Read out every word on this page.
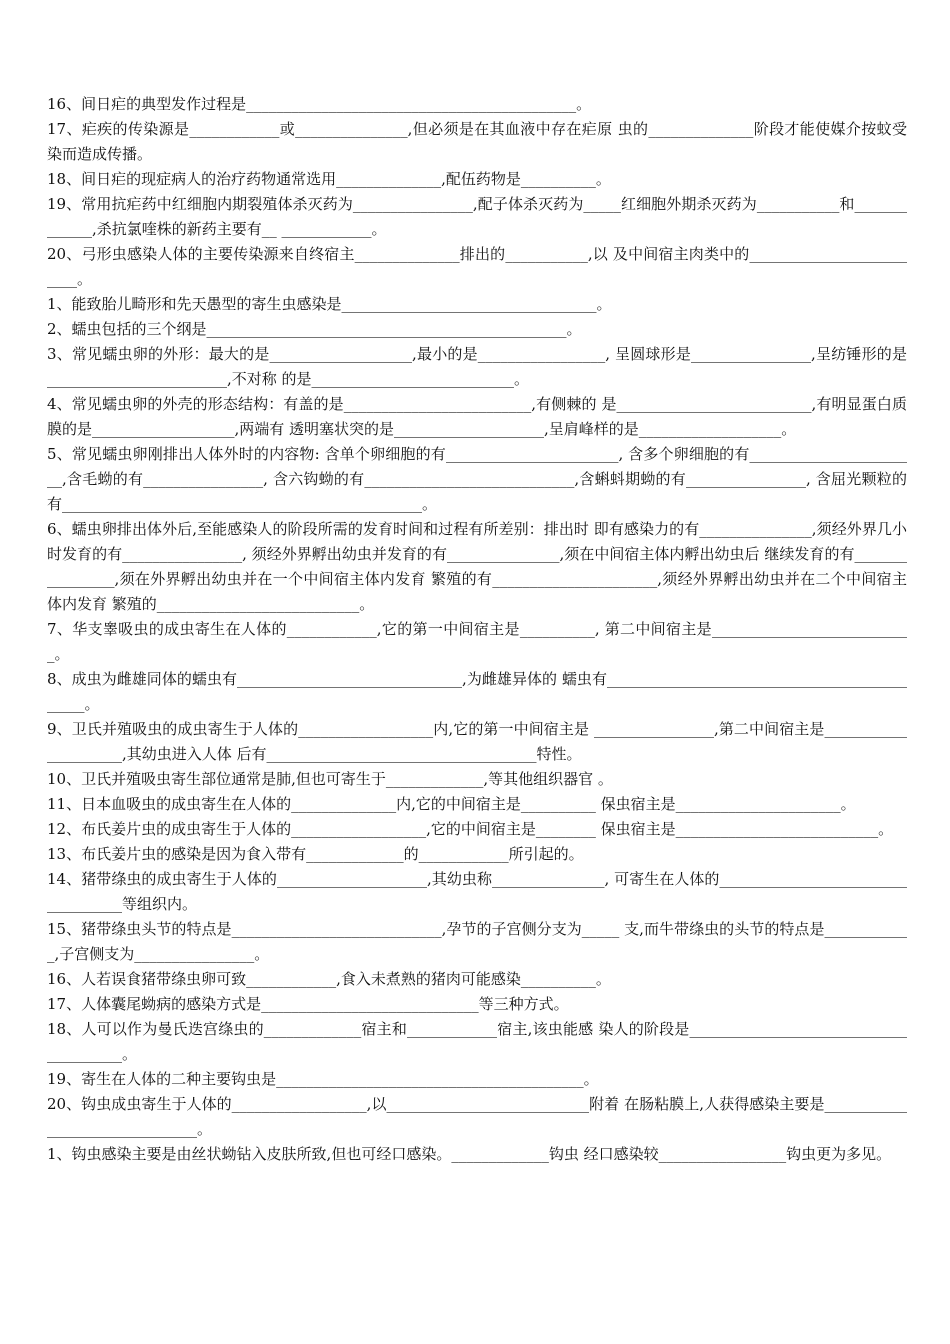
16、间日疟的典型发作过程是____________________________________________。

17、疟疾的传染源是____________或_______________,但必须是在其血液中存在疟原 虫的______________阶段才能使媒介按蚊受染而造成传播。

18、间日疟的现症病人的治疗药物通常选用______________,配伍药物是__________。

19、常用抗疟药中红细胞内期裂殖体杀灭药为________________,配子体杀灭药为_____红细胞外期杀灭药为___________和_____________,杀抗氯喹株的新药主要有__ ____________。

20、弓形虫感染人体的主要传染源来自终宿主______________排出的___________,以 及中间宿主肉类中的_________________________。

1、能致胎儿畸形和先天愚型的寄生虫感染是__________________________________。

2、蠕虫包括的三个纲是________________________________________________。

3、常见蠕虫卵的外形：最大的是___________________,最小的是_________________, 呈圆球形是________________,呈纺锤形的是________________________,不对称 的是___________________________。

4、常见蠕虫卵的外壳的形态结构：有盖的是_________________________,有侧棘的 是__________________________,有明显蛋白质膜的是___________________,两端有 透明塞状突的是____________________,呈肩峰样的是___________________。

5、常见蠕虫卵刚排出人体外时的内容物: 含单个卵细胞的有_______________________, 含多个卵细胞的有_______________________,含毛蚴的有________________, 含六钩蚴的有____________________________,含蝌蚪期蚴的有________________, 含屈光颗粒的有________________________________________________。

6、蠕虫卵排出体外后,至能感染人的阶段所需的发育时间和过程有所差别：排出时 即有感染力的有_______________,须经外界几小时发育的有________________, 须经外界孵出幼虫并发育的有_______________,须在中间宿主体内孵出幼虫后 继续发育的有________________,须在外界孵出幼虫并在一个中间宿主体内发育 繁殖的有______________________,须经外界孵出幼虫并在二个中间宿主体内发育 繁殖的___________________________。

7、华支睾吸虫的成虫寄生在人体的____________,它的第一中间宿主是__________, 第二中间宿主是___________________________。

8、成虫为雌雄同体的蠕虫有______________________________,为雌雄异体的 蠕虫有_____________________________________________。

9、卫氏并殖吸虫的成虫寄生于人体的__________________内,它的第一中间宿主是 ________________,第二中间宿主是_____________________,其幼虫进入人体 后有____________________________________特性。

10、卫氏并殖吸虫寄生部位通常是肺,但也可寄生于_____________,等其他组织器官 。

11、日本血吸虫的成虫寄生在人体的______________内,它的中间宿主是__________ 保虫宿主是______________________。

12、布氏姜片虫的成虫寄生于人体的__________________,它的中间宿主是________ 保虫宿主是___________________________。

13、布氏姜片虫的感染是因为食入带有_____________的____________所引起的。

14、猪带绦虫的成虫寄生于人体的____________________,其幼虫称_______________, 可寄生在人体的___________________________________等组织内。

15、猪带绦虫头节的特点是____________________________,孕节的子宫侧分支为_____ 支,而牛带绦虫的头节的特点是____________,子宫侧支为________________。

16、人若误食猪带绦虫卵可致____________,食入未煮熟的猪肉可能感染__________。

17、人体囊尾蚴病的感染方式是_____________________________等三种方式。

18、人可以作为曼氏迭宫绦虫的_____________宿主和____________宿主,该虫能感 染人的阶段是_______________________________________。

19、寄生在人体的二种主要钩虫是_________________________________________。

20、钩虫成虫寄生于人体的__________________,以___________________________附着 在肠粘膜上,人获得感染主要是_______________________________。

1、钩虫感染主要是由丝状蚴钻入皮肤所致,但也可经口感染。_____________钩虫 经口感染较_________________钩虫更为多见。
